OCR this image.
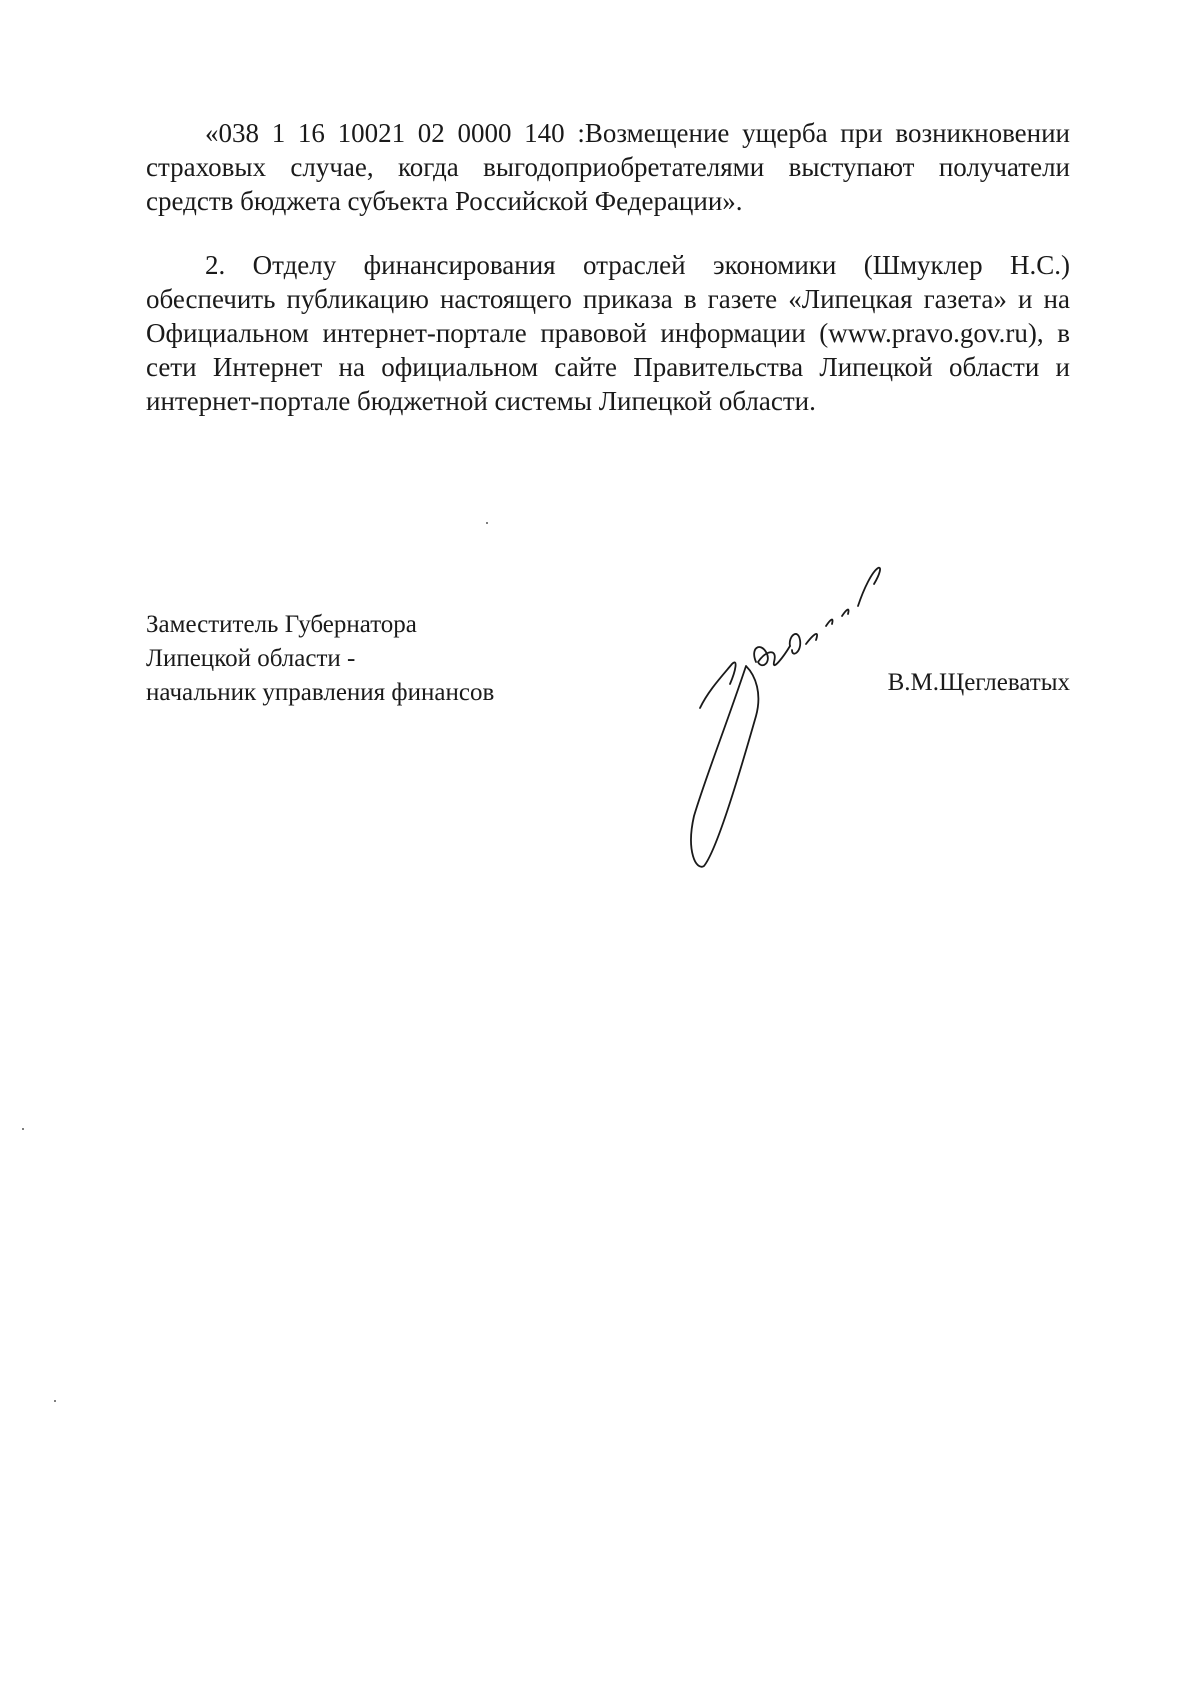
«038 1 16 10021 02 0000 140 :Возмещение ущерба при возникновении страховых случае, когда выгодоприобретателями выступают получатели средств бюджета субъекта Российской Федерации».

2. Отделу финансирования отраслей экономики (Шмуклер Н.С.) обеспечить публикацию настоящего приказа в газете «Липецкая газета» и на Официальном интернет-портале правовой информации (www.pravo.gov.ru), в сети Интернет на официальном сайте Правительства Липецкой области и интернет-портале бюджетной системы Липецкой области.

Заместитель Губернатора
Липецкой области -
начальник управления финансов	В.М.Щеглеватых
